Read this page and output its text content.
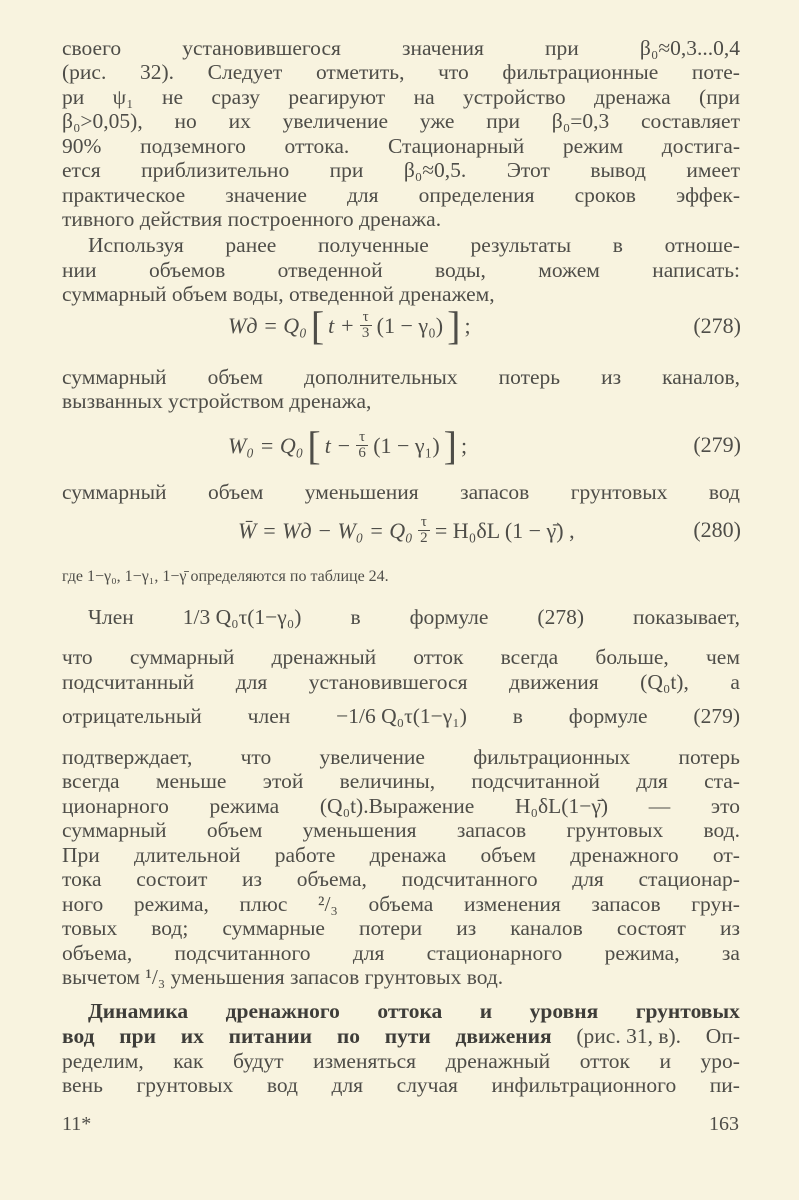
своего	установившегося	значения	при	β₀≈0,3...0,4
(рис. 32). Следует отметить, что фильтрационные поте-
ри ψ₁ не сразу реагируют на устройство дренажа (при
β₀>0,05), но их увеличение уже при β₀=0,3 составляет
90% подземного оттока. Стационарный режим достига-
ется приблизительно при β₀≈0,5. Этот вывод имеет
практическое значение для определения сроков эффек-
тивного действия построенного дренажа.
Используя ранее полученные результаты в отноше-
нии объемов отведенной воды, можем написать:
суммарный объем воды, отведенной дренажем,
суммарный объем дополнительных потерь из каналов,
вызванных устройством дренажа,
суммарный объем уменьшения запасов грунтовых вод
где 1−γ₀, 1−γ₁, 1−γ̄ определяются по таблице 24.
Член 1/3 Q₀τ(1−γ₀) в формуле (278) показывает,
что суммарный дренажный отток всегда больше, чем
подсчитанный для установившегося движения (Q₀t), а
отрицательный член −1/6 Q₀τ(1−γ₁) в формуле (279)
подтверждает, что увеличение фильтрационных потерь
всегда меньше этой величины, подсчитанной для ста-
ционарного режима (Q₀t).Выражение H₀δL(1−γ̄) — это
суммарный объем уменьшения запасов грунтовых вод.
При длительной работе дренажа объем дренажного от-
тока состоит из объема, подсчитанного для стационар-
ного режима, плюс ²/₃ объема изменения запасов грун-
товых вод; суммарные потери из каналов состоят из
объема, подсчитанного для стационарного режима, за
вычетом ¹/₃ уменьшения запасов грунтовых вод.
Динамика дренажного оттока и уровня грунтовых
вод при их питании по пути движения (рис. 31, в). Оп-
ределим, как будут изменяться дренажный отток и уро-
вень грунтовых вод для случая инфильтрационного пи-
Wд = Q₀ [ $t + \frac{\tau}{3} (1 - \gamma_0)$ ] ;	(278)
W₀ = Q₀ [ $t - \frac{\tau}{6} (1 - \gamma_1)$ ] ;	(279)
W̄ = Wд − $W_0 = Q_0 \frac{\tau}{2} = H_0\delta L$ (1 − γ̄) ,	(280)
11*	163
